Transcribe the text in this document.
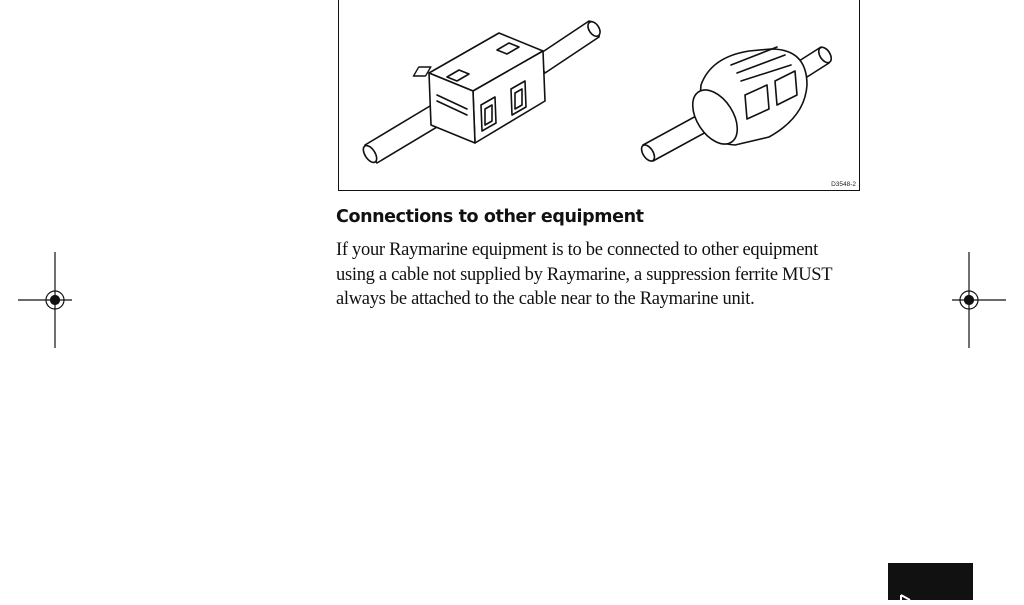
D3548-2
Connections to other equipment
If your Raymarine equipment is to be connected to other equipment
using a cable not supplied by Raymarine, a suppression ferrite MUST
always be attached to the cable near to the Raymarine unit.
